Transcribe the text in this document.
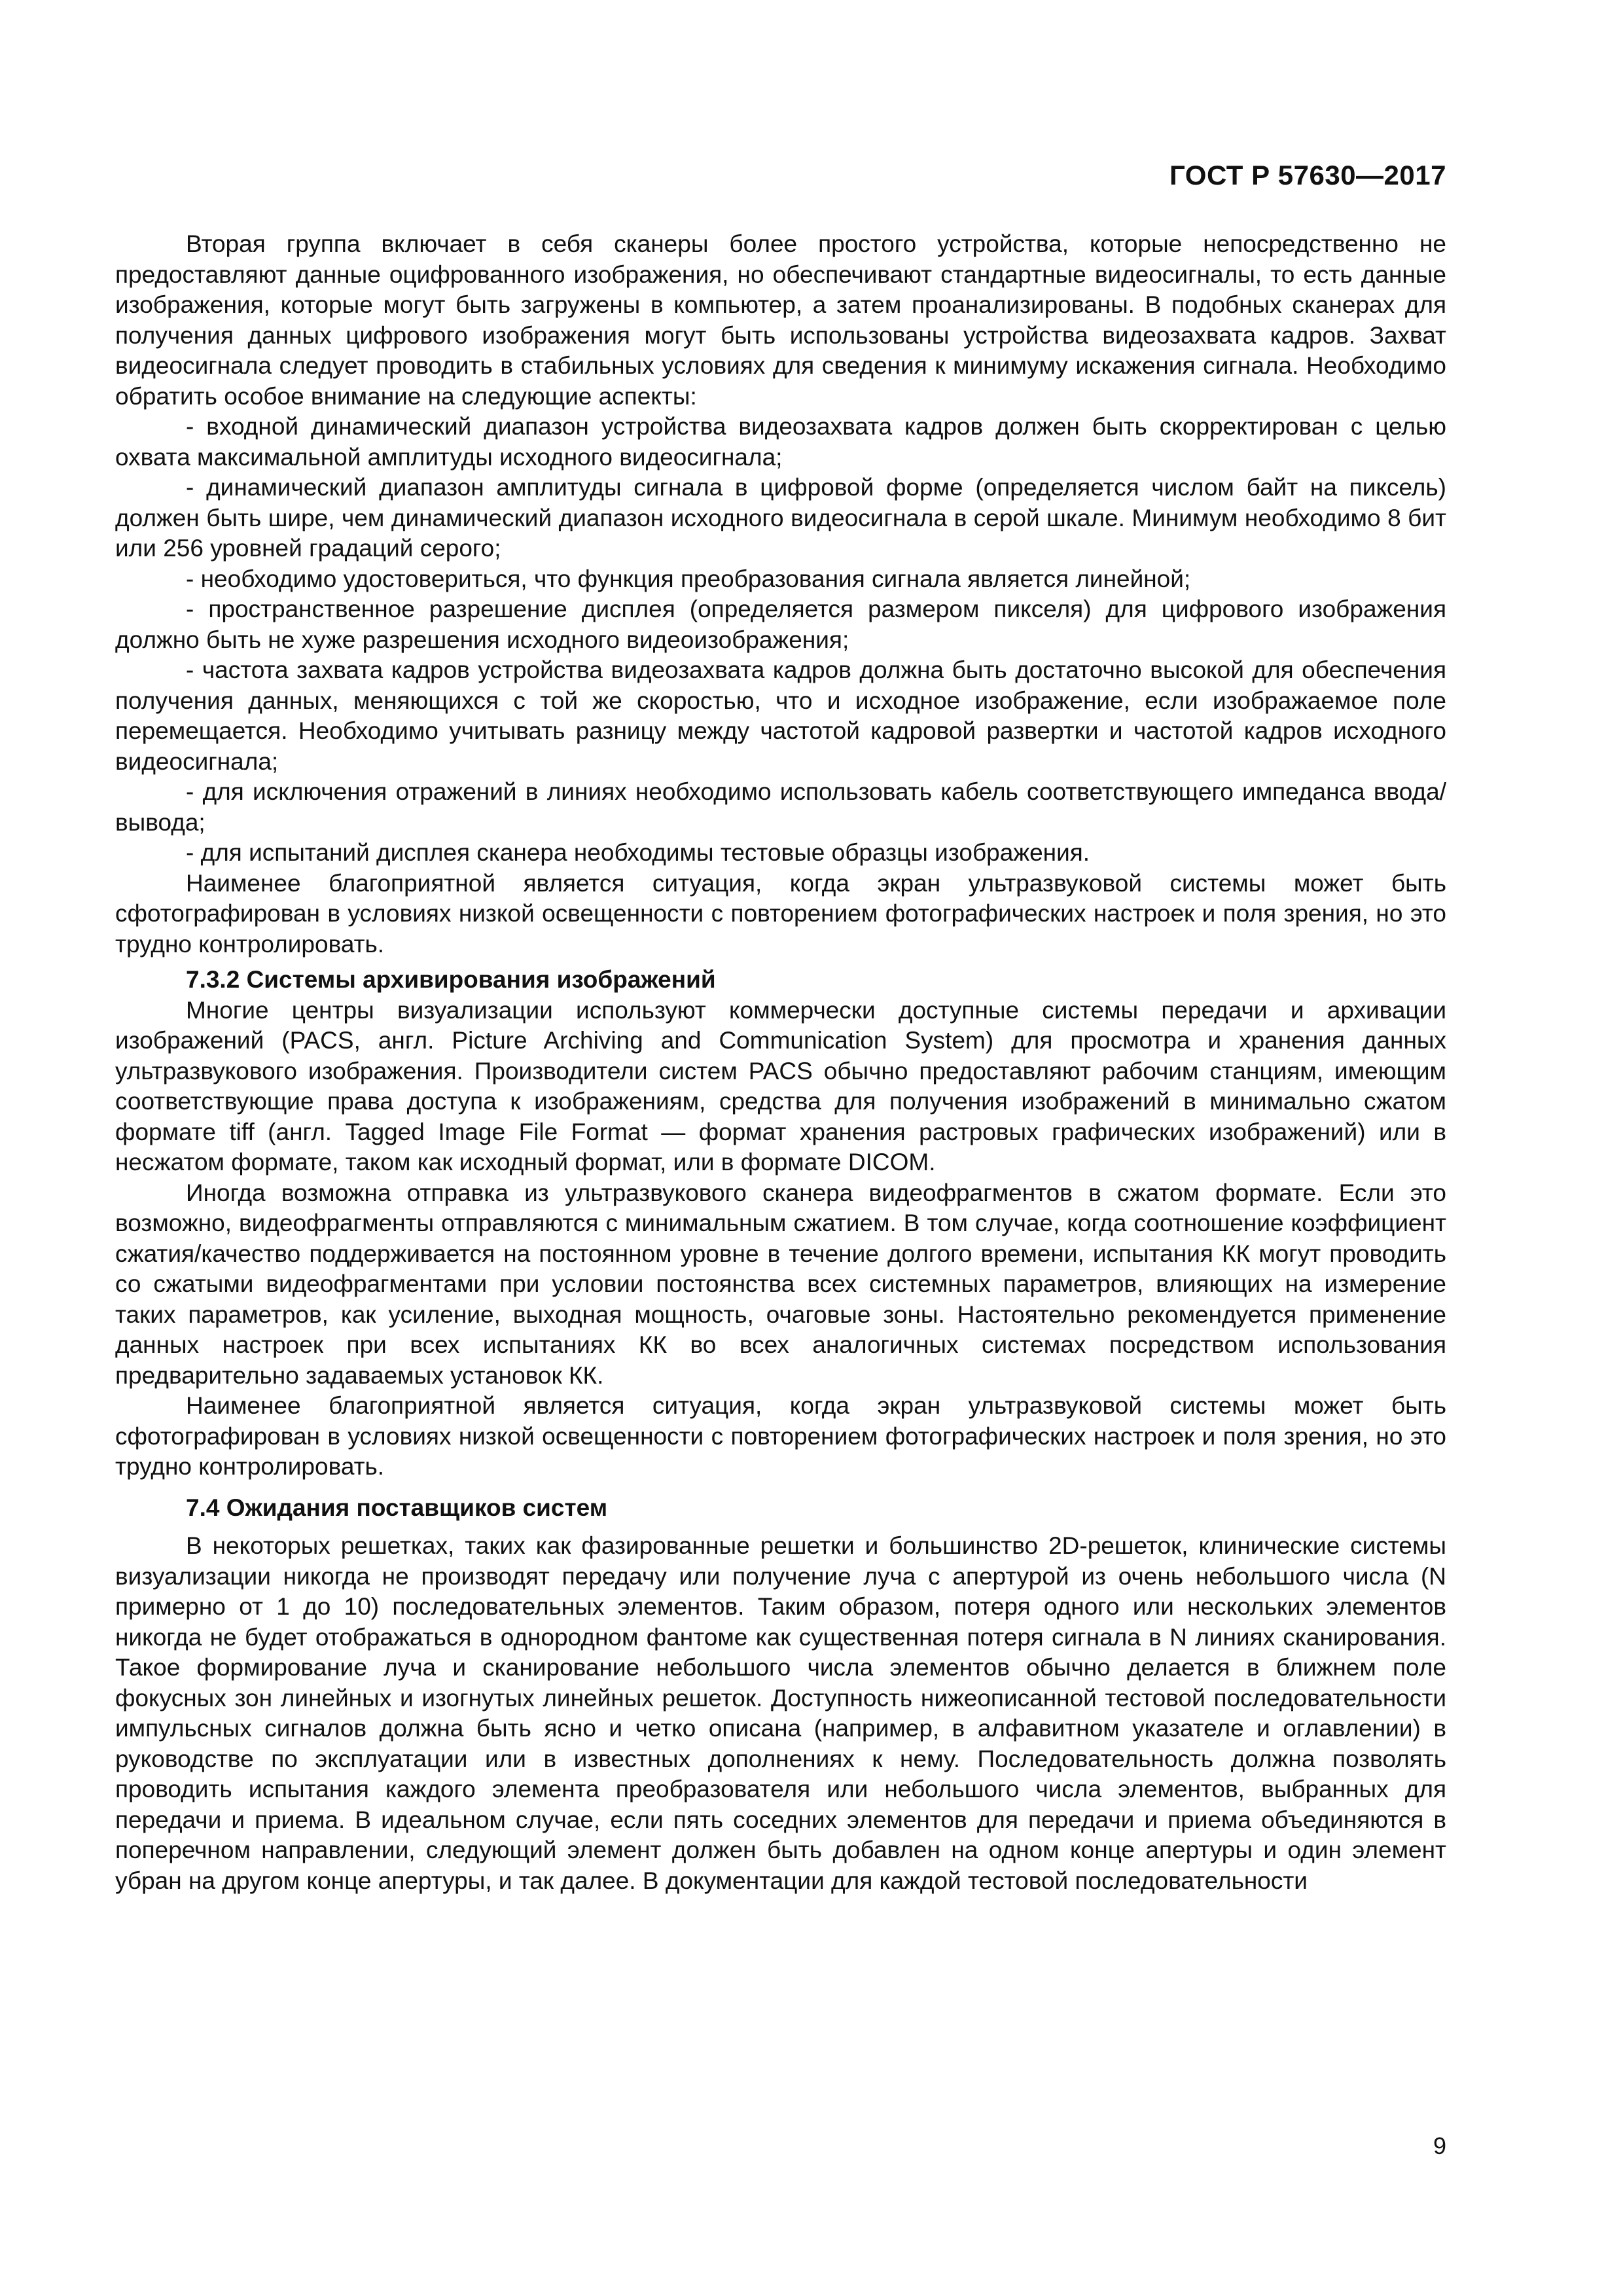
ГОСТ Р 57630—2017

Вторая группа включает в себя сканеры более простого устройства, которые непосредственно не предоставляют данные оцифрованного изображения, но обеспечивают стандартные видеосигналы, то есть данные изображения, которые могут быть загружены в компьютер, а затем проанализированы. В подобных сканерах для получения данных цифрового изображения могут быть использованы устройства видеозахвата кадров. Захват видеосигнала следует проводить в стабильных условиях для сведения к минимуму искажения сигнала. Необходимо обратить особое внимание на следующие аспекты:

- входной динамический диапазон устройства видеозахвата кадров должен быть скорректирован с целью охвата максимальной амплитуды исходного видеосигнала;

- динамический диапазон амплитуды сигнала в цифровой форме (определяется числом байт на пиксель) должен быть шире, чем динамический диапазон исходного видеосигнала в серой шкале. Минимум необходимо 8 бит или 256 уровней градаций серого;

- необходимо удостовериться, что функция преобразования сигнала является линейной;

- пространственное разрешение дисплея (определяется размером пикселя) для цифрового изображения должно быть не хуже разрешения исходного видеоизображения;

- частота захвата кадров устройства видеозахвата кадров должна быть достаточно высокой для обеспечения получения данных, меняющихся с той же скоростью, что и исходное изображение, если изображаемое поле перемещается. Необходимо учитывать разницу между частотой кадровой развертки и частотой кадров исходного видеосигнала;

- для исключения отражений в линиях необходимо использовать кабель соответствующего импеданса ввода/вывода;

- для испытаний дисплея сканера необходимы тестовые образцы изображения.

Наименее благоприятной является ситуация, когда экран ультразвуковой системы может быть сфотографирован в условиях низкой освещенности с повторением фотографических настроек и поля зрения, но это трудно контролировать.

7.3.2 Системы архивирования изображений

Многие центры визуализации используют коммерчески доступные системы передачи и архивации изображений (PACS, англ. Picture Archiving and Communication System) для просмотра и хранения данных ультразвукового изображения. Производители систем PACS обычно предоставляют рабочим станциям, имеющим соответствующие права доступа к изображениям, средства для получения изображений в минимально сжатом формате tiff (англ. Tagged Image File Format — формат хранения растровых графических изображений) или в несжатом формате, таком как исходный формат, или в формате DICOM.

Иногда возможна отправка из ультразвукового сканера видеофрагментов в сжатом формате. Если это возможно, видеофрагменты отправляются с минимальным сжатием. В том случае, когда соотношение коэффициент сжатия/качество поддерживается на постоянном уровне в течение долгого времени, испытания КК могут проводить со сжатыми видеофрагментами при условии постоянства всех системных параметров, влияющих на измерение таких параметров, как усиление, выходная мощность, очаговые зоны. Настоятельно рекомендуется применение данных настроек при всех испытаниях КК во всех аналогичных системах посредством использования предварительно задаваемых установок КК.

Наименее благоприятной является ситуация, когда экран ультразвуковой системы может быть сфотографирован в условиях низкой освещенности с повторением фотографических настроек и поля зрения, но это трудно контролировать.

7.4 Ожидания поставщиков систем

В некоторых решетках, таких как фазированные решетки и большинство 2D-решеток, клинические системы визуализации никогда не производят передачу или получение луча с апертурой из очень небольшого числа (N примерно от 1 до 10) последовательных элементов. Таким образом, потеря одного или нескольких элементов никогда не будет отображаться в однородном фантоме как существенная потеря сигнала в N линиях сканирования. Такое формирование луча и сканирование небольшого числа элементов обычно делается в ближнем поле фокусных зон линейных и изогнутых линейных решеток. Доступность нижеописанной тестовой последовательности импульсных сигналов должна быть ясно и четко описана (например, в алфавитном указателе и оглавлении) в руководстве по эксплуатации или в известных дополнениях к нему. Последовательность должна позволять проводить испытания каждого элемента преобразователя или небольшого числа элементов, выбранных для передачи и приема. В идеальном случае, если пять соседних элементов для передачи и приема объединяются в поперечном направлении, следующий элемент должен быть добавлен на одном конце апертуры и один элемент убран на другом конце апертуры, и так далее. В документации для каждой тестовой последовательности

9
